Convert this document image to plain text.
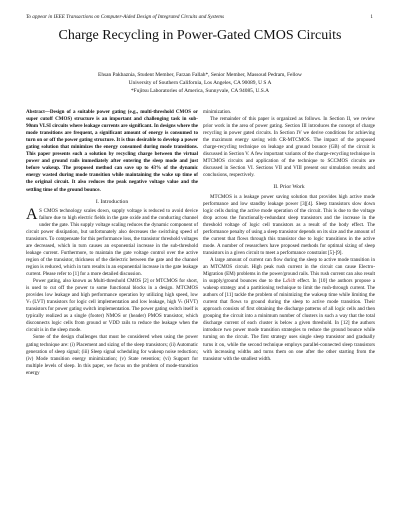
To appear in IEEE Transactions on Computer-Aided Design of Integrated Circuits and Systems	1
Charge Recycling in Power-Gated CMOS Circuits
Ehsan Pakbaznia, Student Member, Farzan Fallah*, Senior Member, Massoud Pedram, Fellow
University of Southern California, Los Angeles, CA 90089, U S A
*Fujitsu Laboratories of America, Sunnyvale, CA 94085, U.S.A

Abstract—Design of a suitable power gating (e.g., multi-threshold CMOS or super cutoff CMOS) structure is an important and challenging task in sub-90nm VLSI circuits where leakage currents are significant. In designs where the mode transitions are frequent, a significant amount of energy is consumed to turn on or off the power gating structure. It is thus desirable to develop a power gating solution that minimizes the energy consumed during mode transitions. This paper presents such a solution by recycling charge between the virtual power and ground rails immediately after entering the sleep mode and just before wakeup. The proposed method can save up to 43% of the dynamic energy wasted during mode transition while maintaining the wake up time of the original circuit. It also reduces the peak negative voltage value and the settling time of the ground bounce.

I. Introduction

A S CMOS technology scales down, supply voltage is reduced to avoid device failure due to high electric fields in the gate oxide and the conducting channel under the gate. This supply voltage scaling reduces the dynamic component of circuit power dissipation, but unfortunately also decreases the switching speed of transistors. To compensate for this performance loss, the transistor threshold voltages are decreased, which in turn causes an exponential increase in the sub-threshold leakage current. Furthermore, to maintain the gate voltage control over the active region of the transistor, thickness of the dielectric between the gate and the channel region is reduced, which in turn results in an exponential increase in the gate leakage current. Please refer to [1] for a more detailed discussion.

Power gating, also known as Multi-threshold CMOS [2] or MTCMOS for short, is used to cut off the power to some functional blocks in a design. MTCMOS provides low leakage and high performance operation by utilizing high speed, low Vₜ (LVT) transistors for logic cell implementation and low leakage, high Vₜ (HVT) transistors for power gating switch implementation. The power gating switch itself is typically realized as a single (footer) NMOS or (header) PMOS transistor, which disconnects logic cells from ground or VDD rails to reduce the leakage when the circuit is in the sleep mode.

Some of the design challenges that must be considered when using the power gating technique are: (i) Placement and sizing of the sleep transistors; (ii) Automatic generation of sleep signal; (iii) Sleep signal scheduling for wakeup noise reduction; (iv) Mode transition energy minimization; (v) State retention; (vi) Support for multiple levels of sleep. In this paper, we focus on the problem of mode-transition energy

minimization.

The remainder of this paper is organized as follows. In Section II, we review prior work in the area of power gating. Section III introduces the concept of charge recycling in power gated circuits. In Section IV we derive conditions for achieving the maximum energy saving with CR-MTCMOS. The impact of the proposed charge-recycling technique on leakage and ground bounce (GB) of the circuit is discussed in Section V. A few important variants of the charge-recycling technique in MTCMOS circuits and application of the technique to SCCMOS circuits are discussed in Section VI. Sections VII and VIII present our simulation results and conclusions, respectively.

II. Prior Work

MTCMOS is a leakage power saving solution that provides high active mode performance and low standby leakage power [3][4]. Sleep transistors slow down logic cells during the active mode operation of the circuit. This is due to the voltage drop across the functionally-redundant sleep transistors and the increase in the threshold voltage of logic cell transistors as a result of the body effect. The performance penalty of using a sleep transistor depends on its size and the amount of the current that flows through this transistor due to logic transitions in the active mode. A number of researchers have proposed methods for optimal sizing of sleep transistors in a given circuit to meet a performance constraint [5]-[9].

A large amount of current can flow during the sleep to active mode transition in an MTCMOS circuit. High peak rush current in the circuit can cause Electro-Migration (EM) problems in the power/ground rails. This rush current can also result in supply/ground bounces due to the Ldi/dt effect. In [10] the authors propose a wakeup strategy and a partitioning technique to limit the rush-through current. The authors of [11] tackle the problem of minimizing the wakeup time while limiting the current that flows to ground during the sleep to active mode transition. Their approach consists of first obtaining the discharge patterns of all logic cells and then grouping the circuit into a minimum number of clusters in such a way that the total discharge current of each cluster is below a given threshold. In [12] the authors introduce two power mode transition strategies to reduce the ground bounce while turning on the circuit. The first strategy uses single sleep transistor and gradually turns it on, while the second technique employs parallel-connected sleep transistors with increasing widths and turns them on one after the other starting from the transistor with the smallest width.
